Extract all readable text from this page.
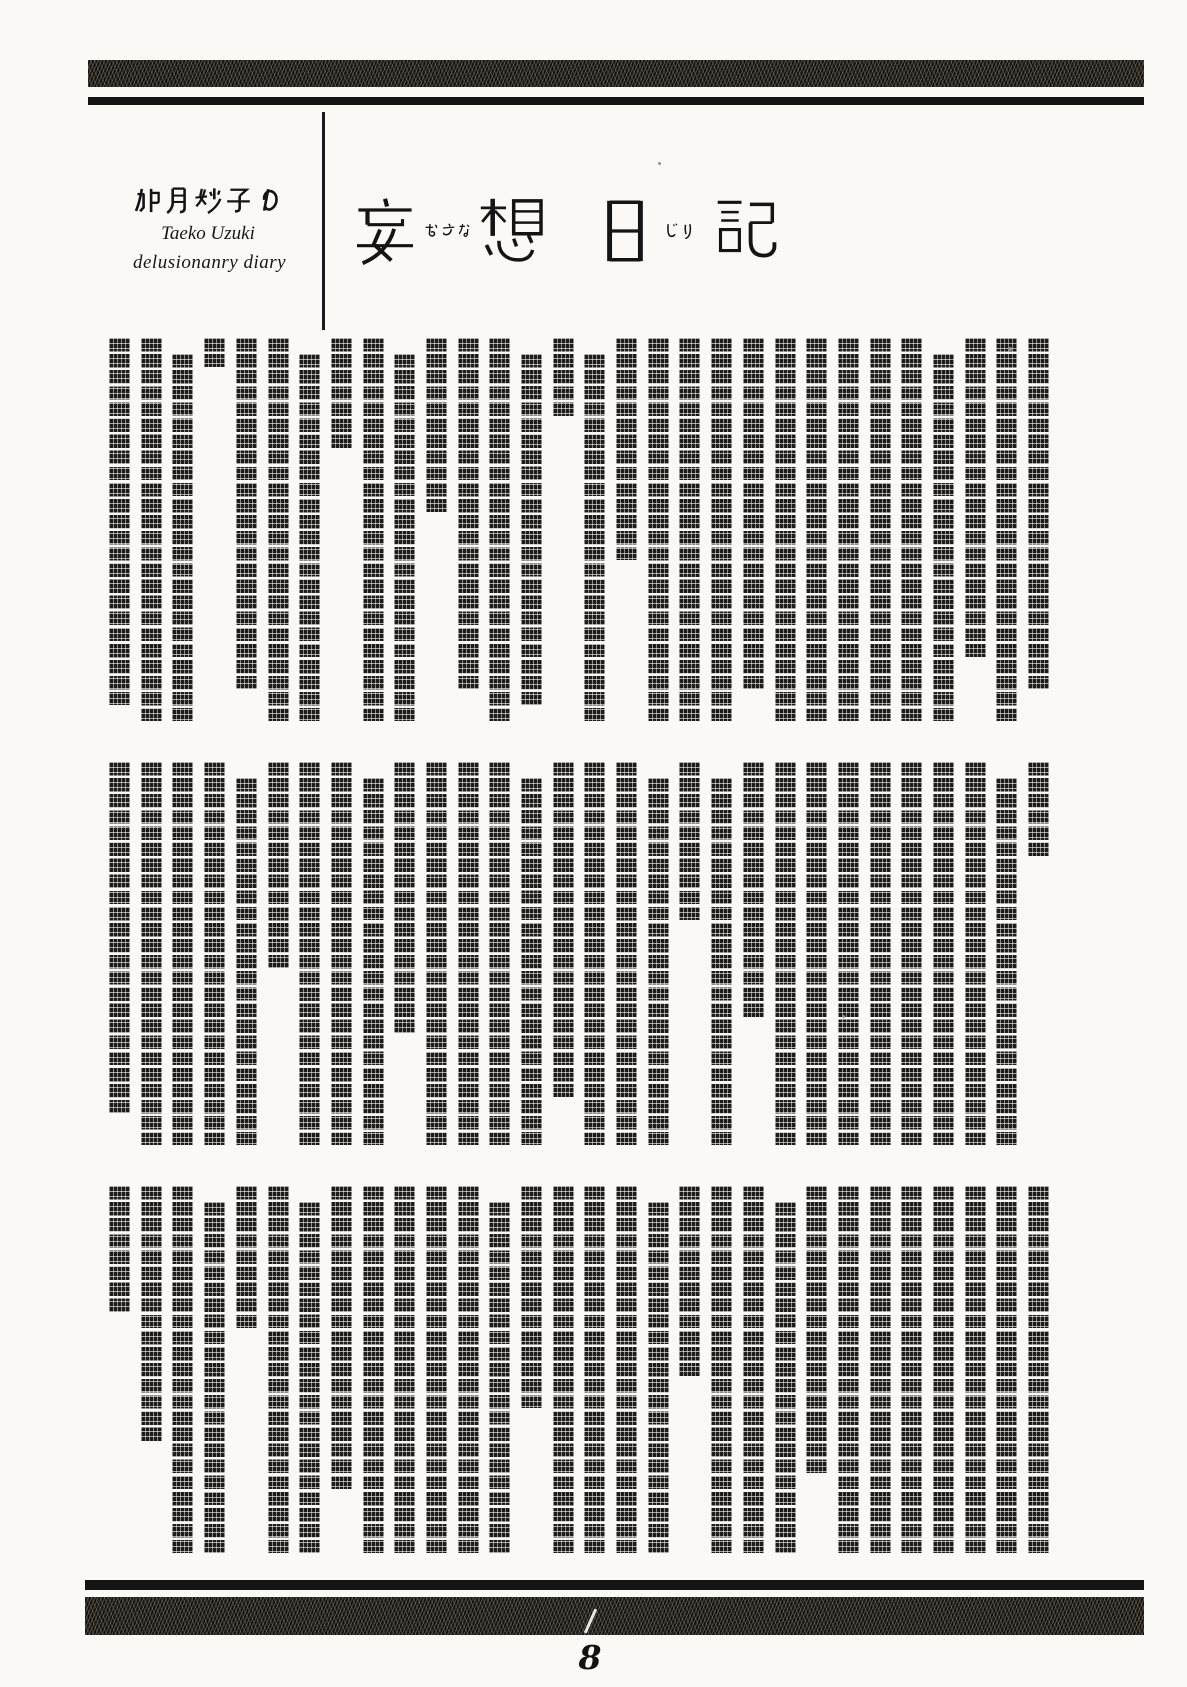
Taeko Uzuki
delusionanry diary
8
